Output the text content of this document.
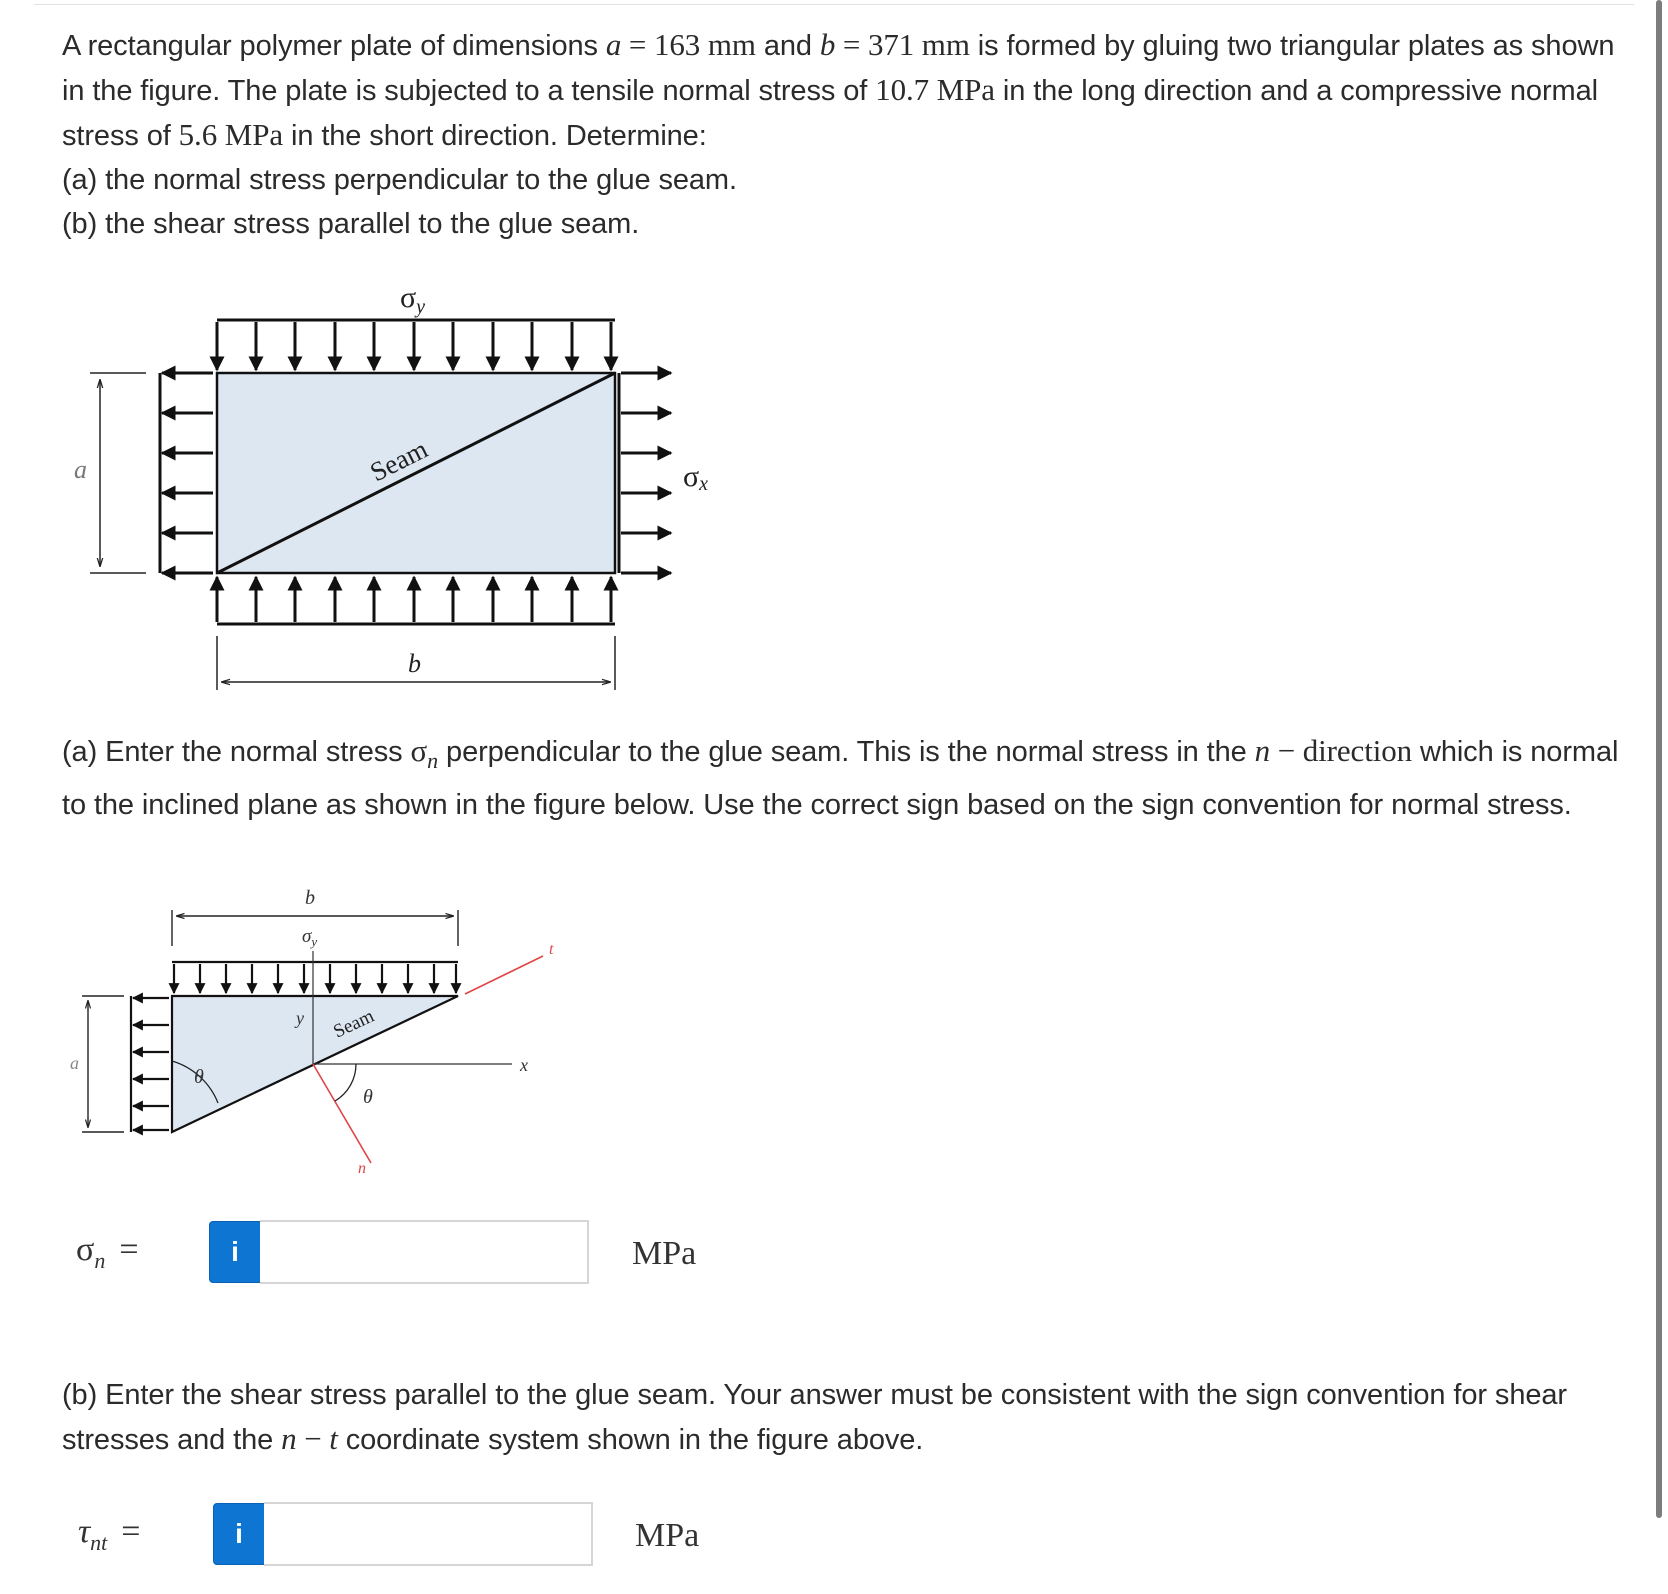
A rectangular polymer plate of dimensions a = 163 mm and b = 371 mm is formed by gluing two triangular plates as shown in the figure. The plate is subjected to a tensile normal stress of 10.7 MPa in the long direction and a compressive normal stress of 5.6 MPa in the short direction. Determine:
(a) the normal stress perpendicular to the glue seam.
(b) the shear stress parallel to the glue seam.

$\sigma_y$
σx
Seam
a
b

(a) Enter the normal stress $\sigma_n$ perpendicular to the glue seam. This is the normal stress in the n − direction which is normal to the inclined plane as shown in the figure below. Use the correct sign based on the sign convention for normal stress.

b
$\sigma_y$
y
x
Seam
θ
θ
t
n
a
$\sigma_n$ =	i	MPa

(b) Enter the shear stress parallel to the glue seam. Your answer must be consistent with the sign convention for shear stresses and the n − t coordinate system shown in the figure above.

$\tau_{nt}$ =	i	MPa
